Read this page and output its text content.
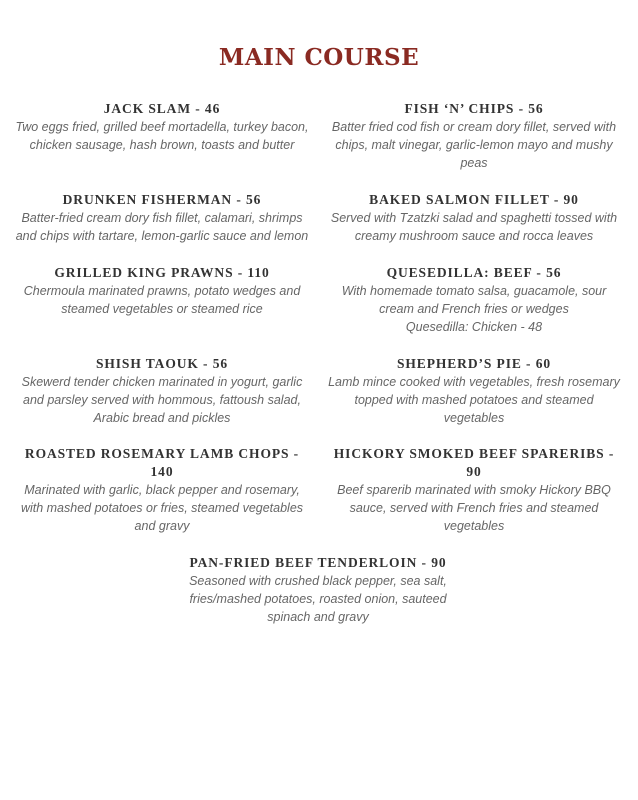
MAIN COURSE
JACK SLAM - 46
Two eggs fried, grilled beef mortadella, turkey bacon, chicken sausage, hash brown, toasts and butter
FISH ‘N’ CHIPS - 56
Batter fried cod fish or cream dory fillet, served with chips, malt vinegar, garlic-lemon mayo and mushy peas
DRUNKEN FISHERMAN - 56
Batter-fried cream dory fish fillet, calamari, shrimps and chips with tartare, lemon-garlic sauce and lemon
BAKED SALMON FILLET - 90
Served with Tzatzki salad and spaghetti tossed with creamy mushroom sauce and rocca leaves
GRILLED KING PRAWNS - 110
Chermoula marinated prawns, potato wedges and steamed vegetables or steamed rice
QUESEDILLA: BEEF - 56
With homemade tomato salsa, guacamole, sour cream and French fries or wedges
Quesedilla: Chicken - 48
SHISH TAOUK - 56
Skewerd tender chicken marinated in yogurt, garlic and parsley served with hommous, fattoush salad, Arabic bread and pickles
SHEPHERD’S PIE - 60
Lamb mince cooked with vegetables, fresh rosemary topped with mashed potatoes and steamed vegetables
ROASTED ROSEMARY LAMB CHOPS - 140
Marinated with garlic, black pepper and rosemary, with mashed potatoes or fries, steamed vegetables and gravy
HICKORY SMOKED BEEF SPARERIBS - 90
Beef sparerib marinated with smoky Hickory BBQ sauce, served with French fries and steamed vegetables
PAN-FRIED BEEF TENDERLOIN - 90
Seasoned with crushed black pepper, sea salt, fries/mashed potatoes, roasted onion, sauteed spinach and gravy
